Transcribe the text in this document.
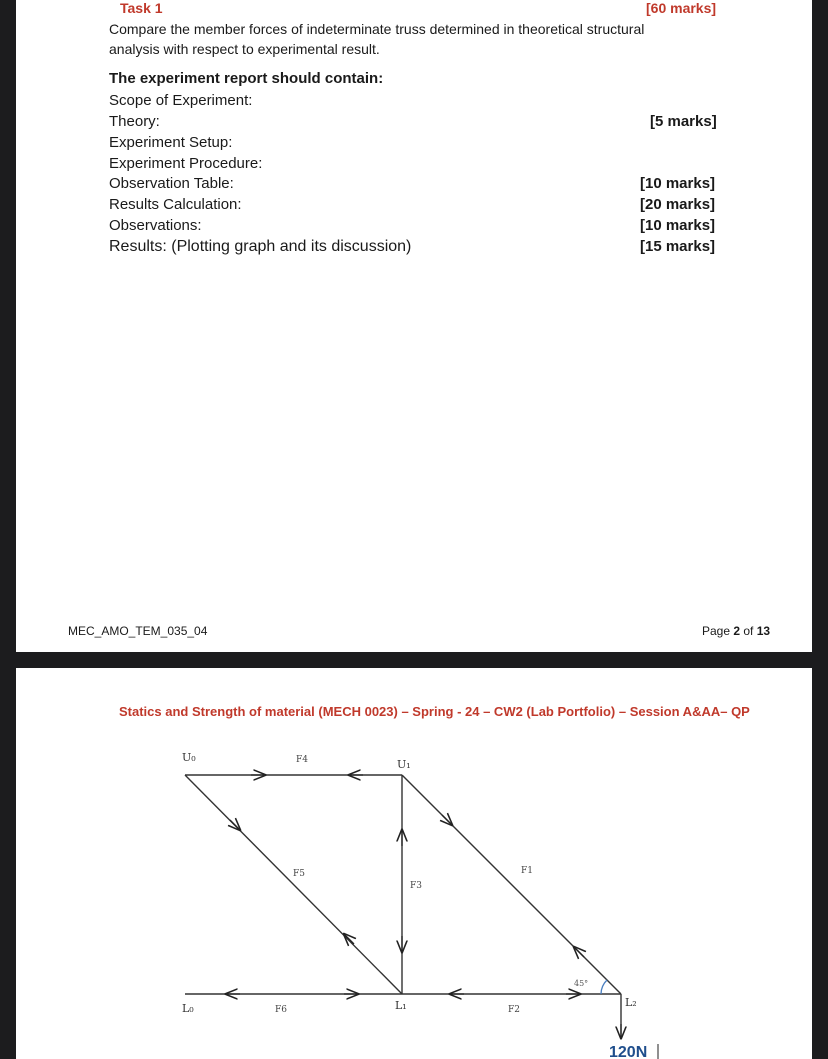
Task 1	[60 marks]
Compare the member forces of indeterminate truss determined in theoretical structural
analysis with respect to experimental result.
The experiment report should contain:
Scope of Experiment:
Theory:	[5 marks]
Experiment Setup:
Experiment Procedure:
Observation Table:	[10 marks]
Results Calculation:	[20 marks]
Observations:	[10 marks]
Results: (Plotting graph and its discussion)	[15 marks]
MEC_AMO_TEM_035_04	Page 2 of 13
Statics and Strength of material (MECH 0023) – Spring - 24 – CW2 (Lab Portfolio) – Session A&AA– QP
U₀
U₁
L₀	L₁	L₂
F4
F5
F3
F1
F6	F2
45°
120N
